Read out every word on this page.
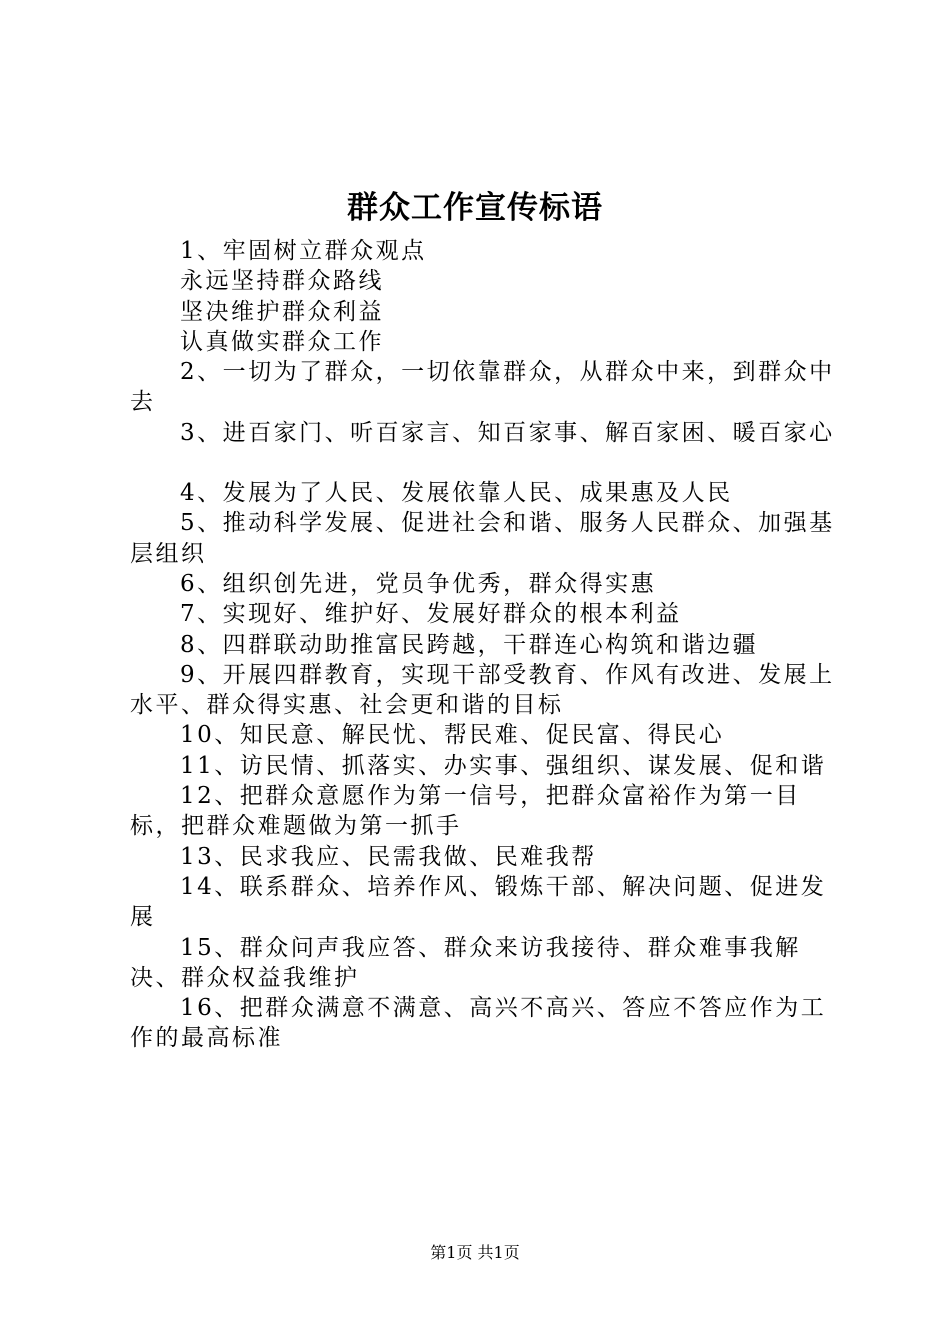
群众工作宣传标语

1、牢固树立群众观点

永远坚持群众路线

坚决维护群众利益

认真做实群众工作

2、一切为了群众，一切依靠群众，从群众中来，到群众中去

3、进百家门、听百家言、知百家事、解百家困、暖百家心

4、发展为了人民、发展依靠人民、成果惠及人民

5、推动科学发展、促进社会和谐、服务人民群众、加强基层组织

6、组织创先进，党员争优秀，群众得实惠

7、实现好、维护好、发展好群众的根本利益

8、四群联动助推富民跨越，干群连心构筑和谐边疆

9、开展四群教育，实现干部受教育、作风有改进、发展上水平、群众得实惠、社会更和谐的目标

10、知民意、解民忧、帮民难、促民富、得民心

11、访民情、抓落实、办实事、强组织、谋发展、促和谐

12、把群众意愿作为第一信号，把群众富裕作为第一目标，把群众难题做为第一抓手

13、民求我应、民需我做、民难我帮

14、联系群众、培养作风、锻炼干部、解决问题、促进发展

15、群众问声我应答、群众来访我接待、群众难事我解决、群众权益我维护

16、把群众满意不满意、高兴不高兴、答应不答应作为工作的最高标准

第1页 共1页
